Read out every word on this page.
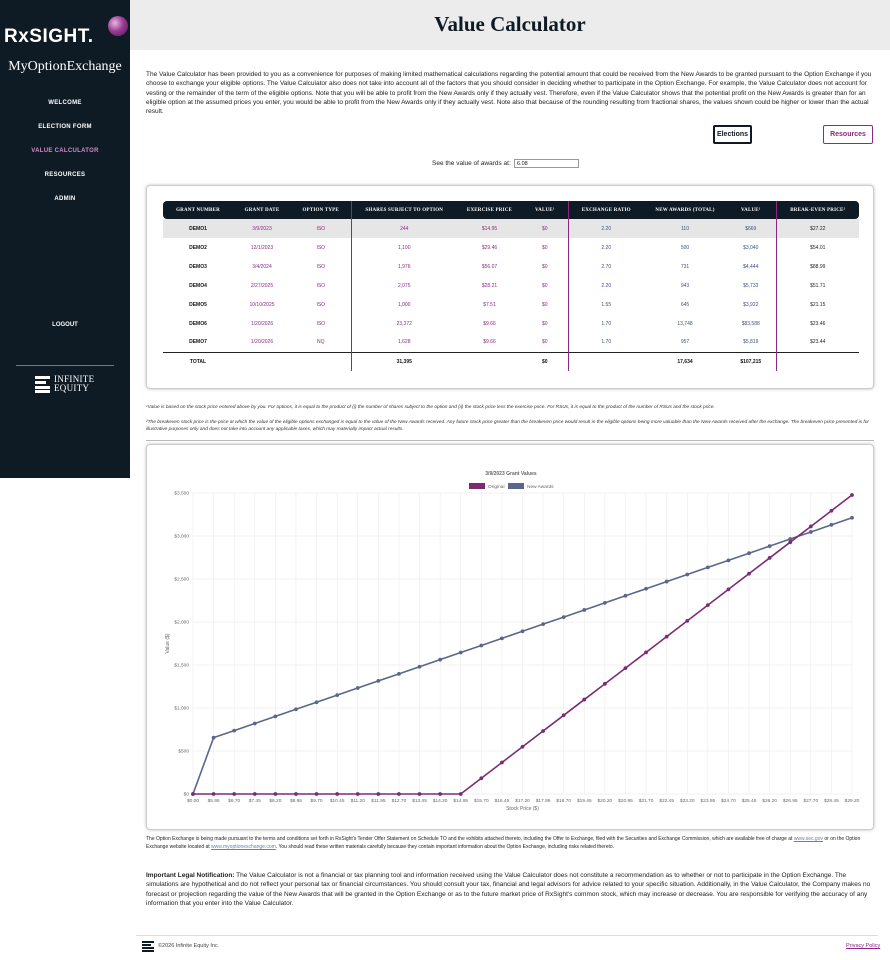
RxSIGHT.
MyOptionExchange
WELCOME
ELECTION FORM
VALUE CALCULATOR
RESOURCES
ADMIN
LOGOUT
INFINITE
EQUITY
Value Calculator

The Value Calculator has been provided to you as a convenience for purposes of making limited mathematical calculations regarding the potential amount that could be received from the New Awards to be granted pursuant to the Option Exchange if you choose to exchange your eligible options. The Value Calculator also does not take into account all of the factors that you should consider in deciding whether to participate in the Option Exchange. For example, the Value Calculator does not account for vesting or the remainder of the term of the eligible options. Note that you will be able to profit from the New Awards only if they actually vest. Therefore, even if the Value Calculator shows that the potential profit on the New Awards is greater than for an eligible option at the assumed prices you enter, you would be able to profit from the New Awards only if they actually vest. Note also that because of the rounding resulting from fractional shares, the values shown could be higher or lower than the actual result.

Elections	Resources
See the value of awards at:
6.08
GRANT NUMBER	GRANT DATE	OPTION TYPE	SHARES SUBJECT TO OPTION	EXERCISE PRICE	VALUE¹	EXCHANGE RATIO	NEW AWARDS (TOTAL)	VALUE¹	BREAK-EVEN PRICE²
DEMO1	3/9/2023	ISO	244	$14.95	$0	2.20	110	$669	$27.22
DEMO2	12/1/2023	ISO	1,100	$29.46	$0	2.20	500	$3,040	$54.01
DEMO3	3/4/2024	ISO	1,976	$56.07	$0	2.70	731	$4,444	$88.99
DEMO4	2/27/2025	ISO	2,075	$28.21	$0	2.20	943	$5,733	$51.71
DEMO5	10/10/2025	ISO	1,000	$7.51	$0	1.55	645	$3,922	$21.15
DEMO6	1/20/2026	ISO	23,372	$9.66	$0	1.70	13,748	$83,588	$23.46
DEMO7	1/20/2026	NQ	1,628	$9.66	$0	1.70	957	$5,819	$23.44
TOTAL			31,395		$0		17,634	$107,215	
¹Value is based on the stock price entered above by you. For options, it is equal to the product of (i) the number of shares subject to the option and (ii) the stock price less the exercise price. For RSUs, it is equal to the product of the number of RSUs and the stock price.
²The breakeven stock price is the price at which the value of the eligible options exchanged is equal to the value of the New Awards received. Any future stock price greater than the breakeven price would result in the eligible options being more valuable than the New Awards received after the exchange. The breakeven price presented is for illustrative purposes only and does not take into account any applicable taxes, which may materially impact actual results.
3/9/2023 Grant Values
$0
$500
$1,000
$1,500
$2,000
$2,500
$3,000
$3,500
$0.00 $5.95 $6.70 $7.45 $8.20 $8.95 $9.70 $10.45 $11.20 $11.95 $12.70 $13.45 $14.20 $14.95 $15.70 $16.45 $17.20 $17.95 $18.70 $19.45 $20.20 $20.95 $21.70 $22.45 $23.20 $23.95 $24.70 $25.45 $26.20 $26.95 $27.70 $28.45 $29.20
Stock Price ($)
Value ($)
Original	New Awards

The Option Exchange is being made pursuant to the terms and conditions set forth in RxSight's Tender Offer Statement on Schedule TO and the exhibits attached thereto, including the Offer to Exchange, filed with the Securities and Exchange Commission, which are available free of charge at www.sec.gov or on the Option Exchange website located at www.myoptionexchange.com. You should read these written materials carefully because they contain important information about the Option Exchange, including risks related thereto.

Important Legal Notification: The Value Calculator is not a financial or tax planning tool and information received using the Value Calculator does not constitute a recommendation as to whether or not to participate in the Option Exchange. The simulations are hypothetical and do not reflect your personal tax or financial circumstances. You should consult your tax, financial and legal advisors for advice related to your specific situation. Additionally, in the Value Calculator, the Company makes no forecast or projection regarding the value of the New Awards that will be granted in the Option Exchange or as to the future market price of RxSight's common stock, which may increase or decrease. You are responsible for verifying the accuracy of any information that you enter into the Value Calculator.

©2026 Infinite Equity Inc.	Privacy Policy
